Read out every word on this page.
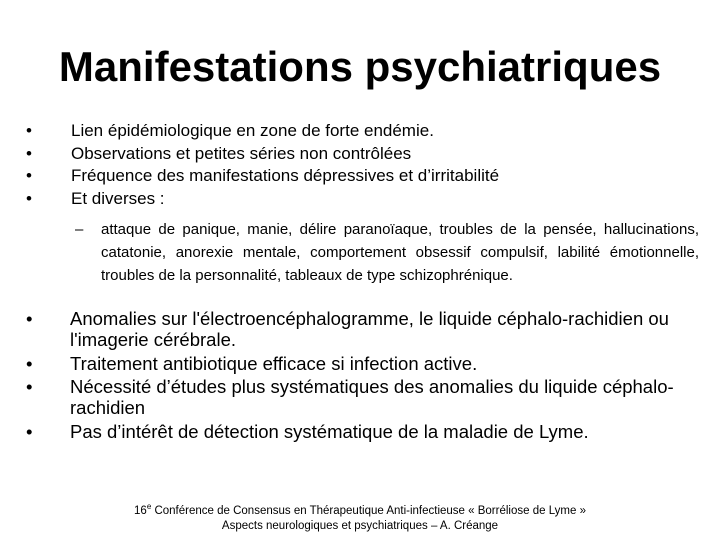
Manifestations psychiatriques
• Lien épidémiologique en zone de forte endémie.
• Observations et petites séries non contrôlées
• Fréquence des manifestations dépressives et d’irritabilité
• Et diverses :
– attaque de panique, manie, délire paranoïaque, troubles de la pensée, hallucinations, catatonie, anorexie mentale, comportement obsessif compulsif, labilité émotionnelle, troubles de la personnalité, tableaux de type schizophrénique.
• Anomalies sur l'électroencéphalogramme, le liquide céphalo-rachidien ou l'imagerie cérébrale.
• Traitement antibiotique efficace si infection active.
• Nécessité d’études plus systématiques des anomalies du liquide céphalo-rachidien
• Pas d’intérêt de détection systématique de la maladie de Lyme.
16e Conférence de Consensus en Thérapeutique Anti-infectieuse « Borréliose de Lyme »
Aspects neurologiques et psychiatriques – A. Créange
